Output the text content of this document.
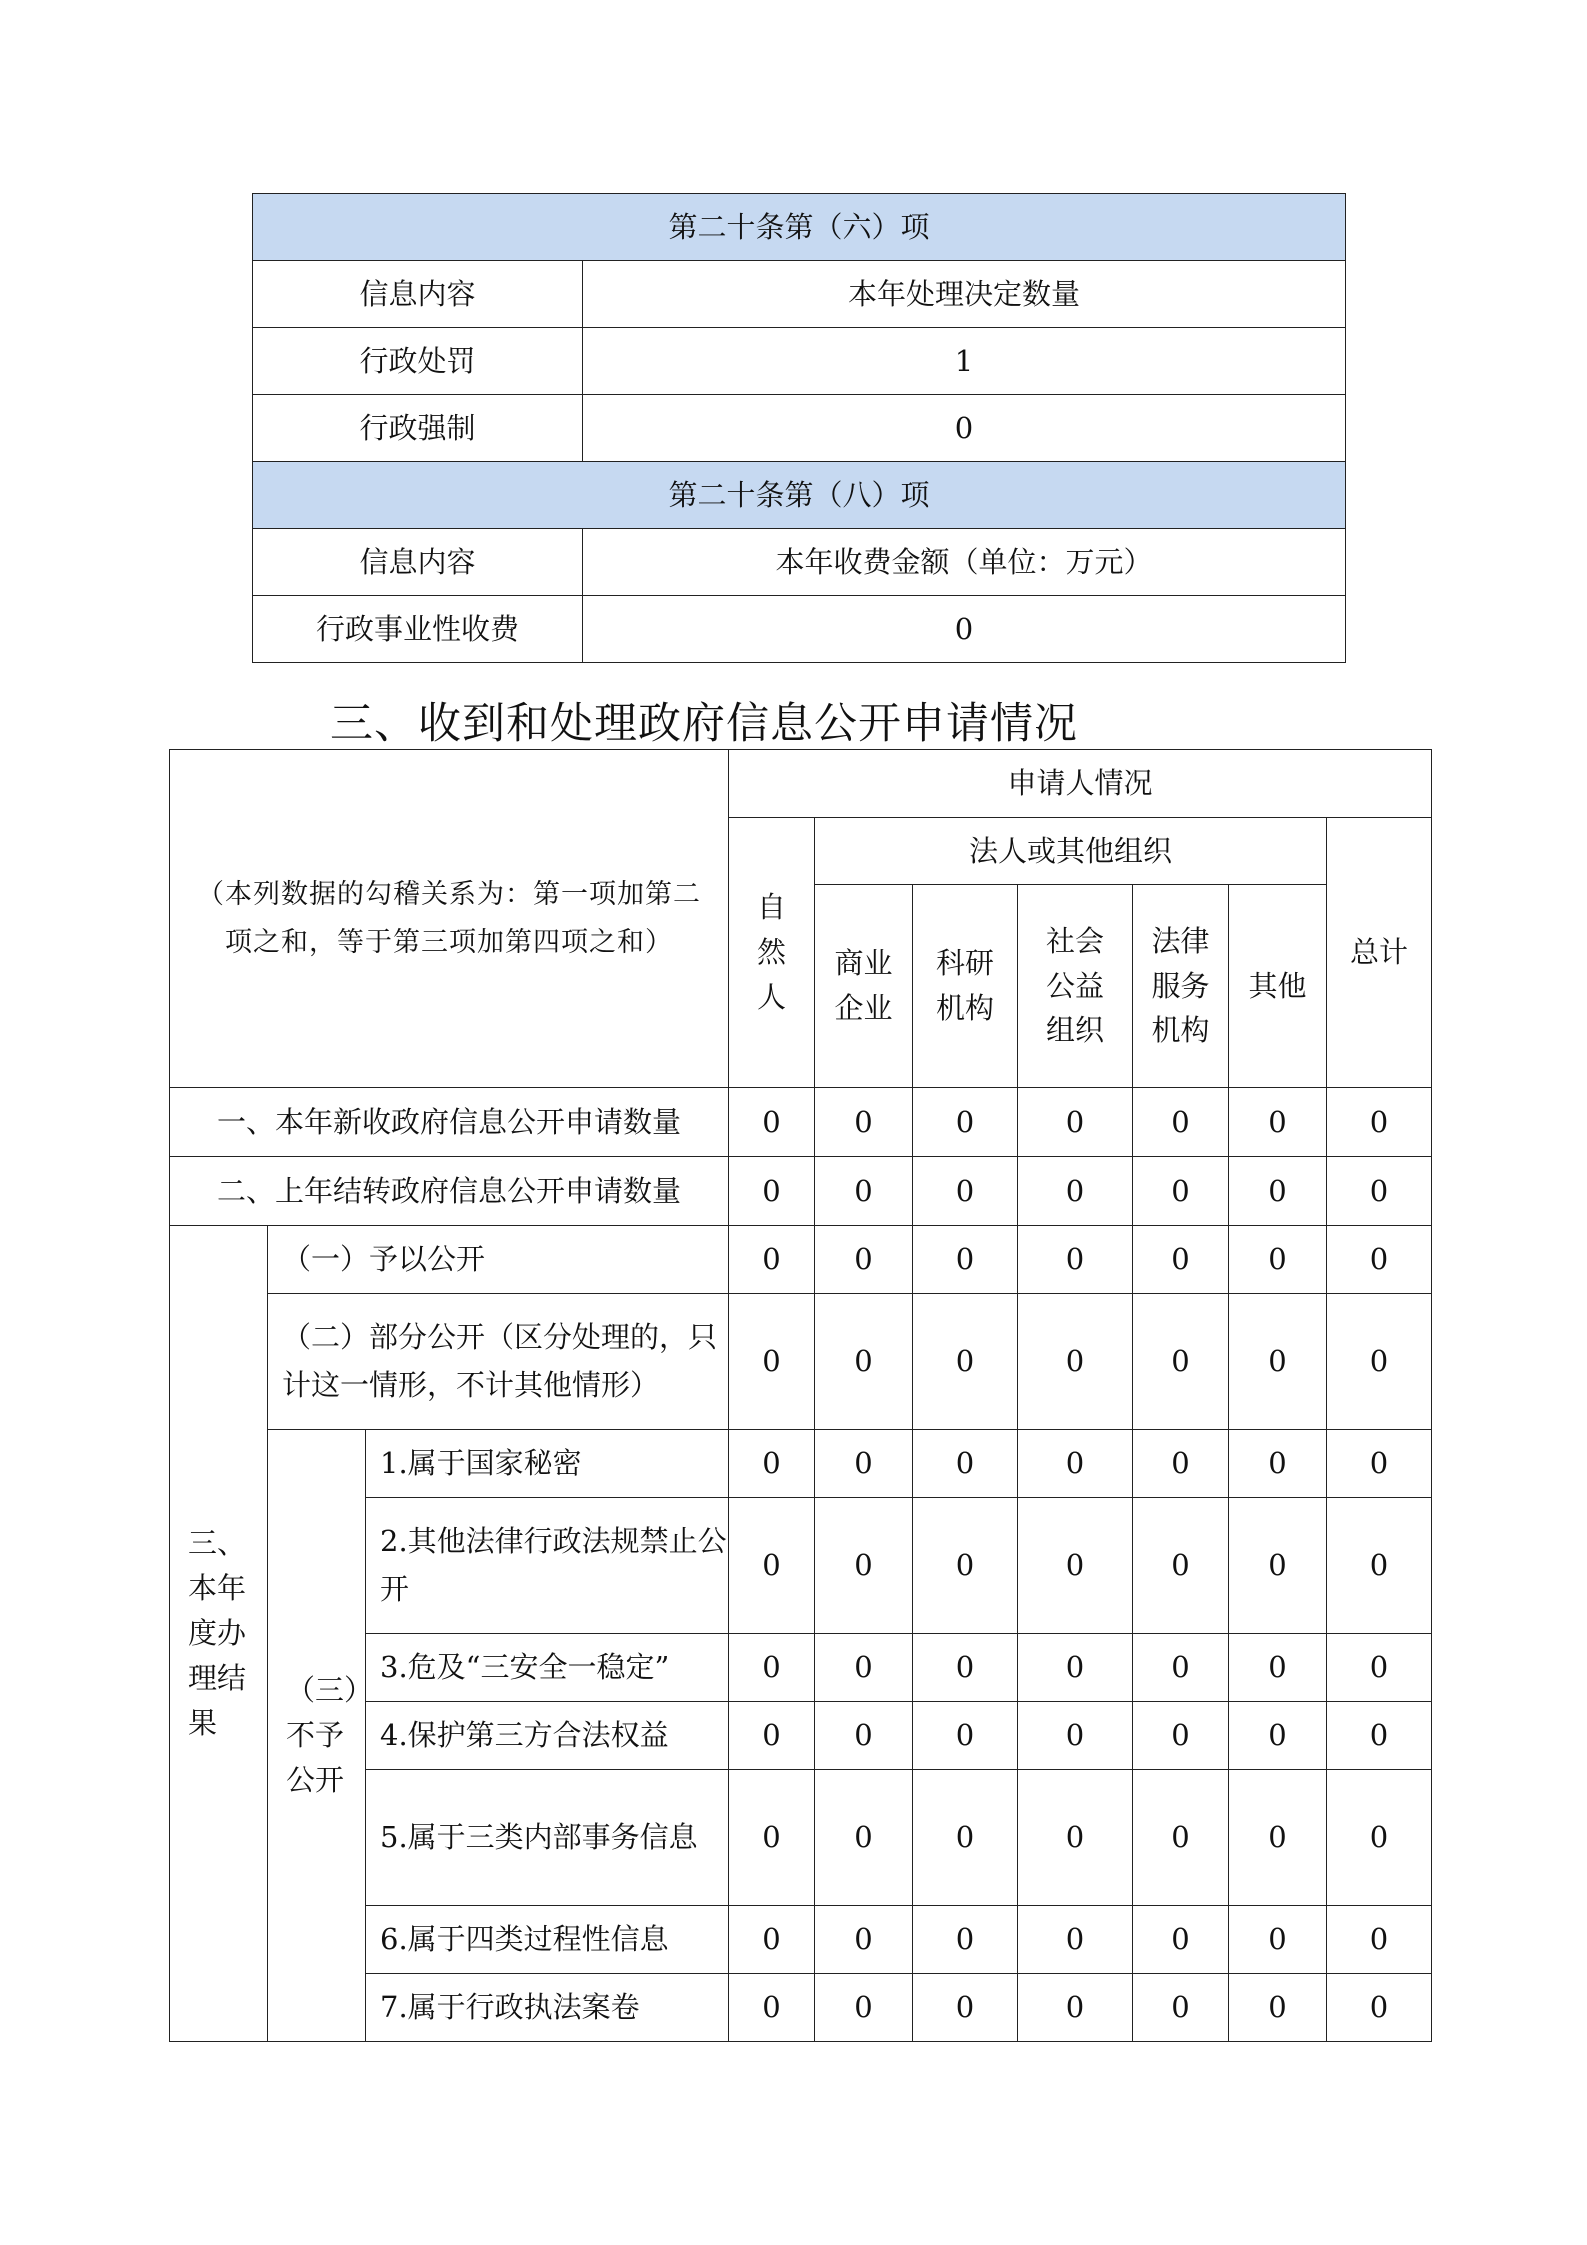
第二十条第（六）项	
信息内容	本年处理决定数量
行政处罚	1
行政强制	0
第二十条第（八）项	
信息内容	本年收费金额（单位：万元）
行政事业性收费	0
三、收到和处理政府信息公开申请情况
（本列数据的勾稽关系为：第一项加第二项之和，等于第三项加第四项之和）			申请人情况						
			自然人	法人或其他组织					总计
				商业企业	科研机构	社会公益组织	法律服务机构	其他	
一、本年新收政府信息公开申请数量			0	0	0	0	0	0	0
二、上年结转政府信息公开申请数量			0	0	0	0	0	0	0
三、本年度办理结果	（一）予以公开		0	0	0	0	0	0	0
	（二）部分公开（区分处理的，只计这一情形，不计其他情形）		0	0	0	0	0	0	0
	（三）不予公开	1.属于国家秘密	0	0	0	0	0	0	0
		2.其他法律行政法规禁止公开	0	0	0	0	0	0	0
		3.危及“三安全一稳定”	0	0	0	0	0	0	0
		4.保护第三方合法权益	0	0	0	0	0	0	0
		5.属于三类内部事务信息	0	0	0	0	0	0	0
		6.属于四类过程性信息	0	0	0	0	0	0	0
		7.属于行政执法案卷	0	0	0	0	0	0	0
